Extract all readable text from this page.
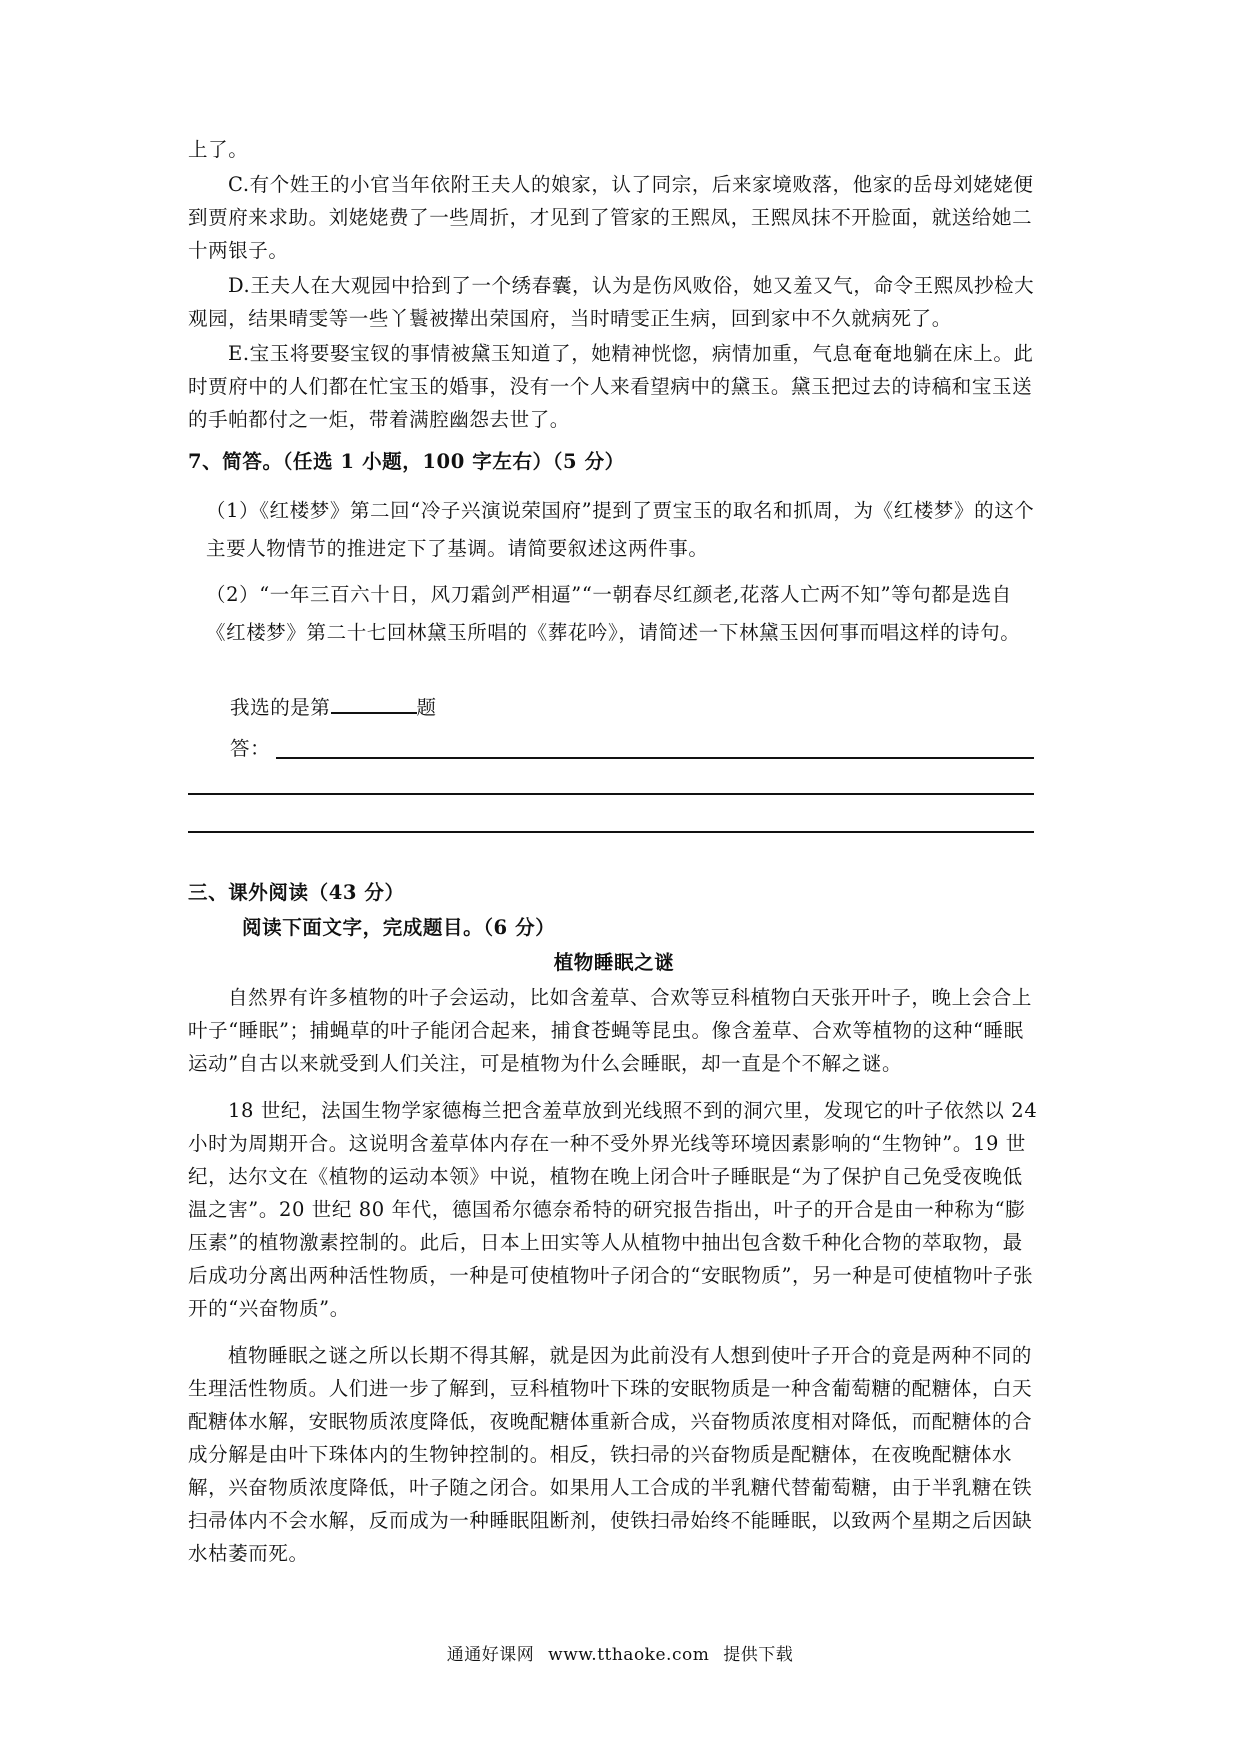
上了。

C.有个姓王的小官当年依附王夫人的娘家，认了同宗，后来家境败落，他家的岳母刘姥姥便到贾府来求助。刘姥姥费了一些周折，才见到了管家的王熙凤，王熙凤抹不开脸面，就送给她二十两银子。

D.王夫人在大观园中拾到了一个绣春囊，认为是伤风败俗，她又羞又气，命令王熙凤抄检大观园，结果晴雯等一些丫鬟被撵出荣国府，当时晴雯正生病，回到家中不久就病死了。

E.宝玉将要娶宝钗的事情被黛玉知道了，她精神恍惚，病情加重，气息奄奄地躺在床上。此时贾府中的人们都在忙宝玉的婚事，没有一个人来看望病中的黛玉。黛玉把过去的诗稿和宝玉送的手帕都付之一炬，带着满腔幽怨去世了。

7、简答。（任选 1 小题，100 字左右）（5 分）

（1）《红楼梦》第二回“冷子兴演说荣国府”提到了贾宝玉的取名和抓周，为《红楼梦》的这个主要人物情节的推进定下了基调。请简要叙述这两件事。

（2）“一年三百六十日，风刀霜剑严相逼”“一朝春尽红颜老,花落人亡两不知”等句都是选自《红楼梦》第二十七回林黛玉所唱的《葬花吟》，请简述一下林黛玉因何事而唱这样的诗句。

我选的是第	题
答：

三、课外阅读（43 分）

阅读下面文字，完成题目。（6 分）

植物睡眠之谜

自然界有许多植物的叶子会运动，比如含羞草、合欢等豆科植物白天张开叶子，晚上会合上叶子“睡眠”；捕蝇草的叶子能闭合起来，捕食苍蝇等昆虫。像含羞草、合欢等植物的这种“睡眠运动”自古以来就受到人们关注，可是植物为什么会睡眠，却一直是个不解之谜。

18 世纪，法国生物学家德梅兰把含羞草放到光线照不到的洞穴里，发现它的叶子依然以 24 小时为周期开合。这说明含羞草体内存在一种不受外界光线等环境因素影响的“生物钟”。19 世纪，达尔文在《植物的运动本领》中说，植物在晚上闭合叶子睡眠是“为了保护自己免受夜晚低温之害”。20 世纪 80 年代，德国希尔德奈希特的研究报告指出，叶子的开合是由一种称为“膨压素”的植物激素控制的。此后，日本上田实等人从植物中抽出包含数千种化合物的萃取物，最后成功分离出两种活性物质，一种是可使植物叶子闭合的“安眠物质”，另一种是可使植物叶子张开的“兴奋物质”。

植物睡眠之谜之所以长期不得其解，就是因为此前没有人想到使叶子开合的竟是两种不同的生理活性物质。人们进一步了解到，豆科植物叶下珠的安眠物质是一种含葡萄糖的配糖体，白天配糖体水解，安眠物质浓度降低，夜晚配糖体重新合成，兴奋物质浓度相对降低，而配糖体的合成分解是由叶下珠体内的生物钟控制的。相反，铁扫帚的兴奋物质是配糖体，在夜晚配糖体水解，兴奋物质浓度降低，叶子随之闭合。如果用人工合成的半乳糖代替葡萄糖，由于半乳糖在铁扫帚体内不会水解，反而成为一种睡眠阻断剂，使铁扫帚始终不能睡眠，以致两个星期之后因缺水枯萎而死。

通通好课网 www.tthaoke.com 提供下载
